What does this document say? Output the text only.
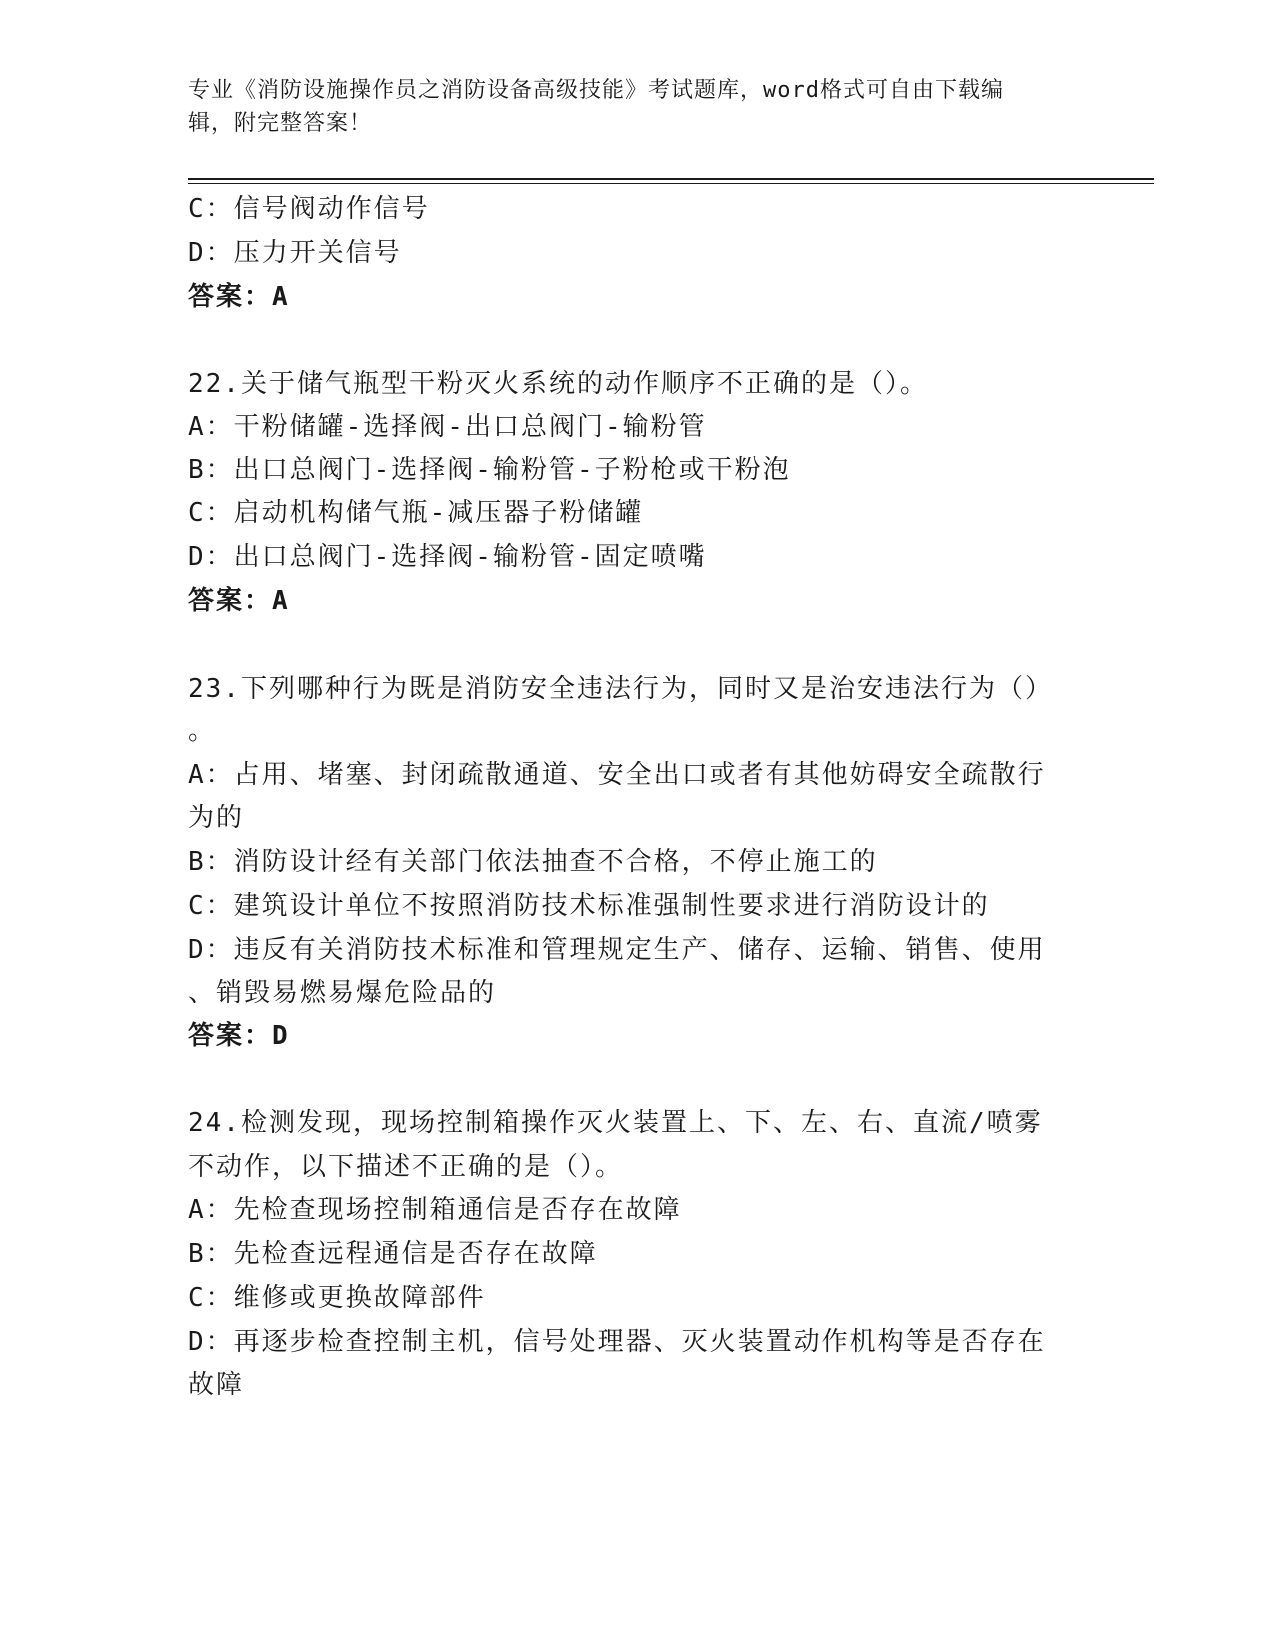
专业《消防设施操作员之消防设备高级技能》考试题库，word格式可自由下载编
辑，附完整答案！
C：信号阀动作信号
D：压力开关信号
答案：A
22.关于储气瓶型干粉灭火系统的动作顺序不正确的是（）。
A：干粉储罐-选择阀-出口总阀门-输粉管
B：出口总阀门-选择阀-输粉管-子粉枪或干粉泡
C：启动机构储气瓶-减压器子粉储罐
D：出口总阀门-选择阀-输粉管-固定喷嘴
答案：A
23.下列哪种行为既是消防安全违法行为，同时又是治安违法行为（）
。
A：占用、堵塞、封闭疏散通道、安全出口或者有其他妨碍安全疏散行
为的
B：消防设计经有关部门依法抽查不合格，不停止施工的
C：建筑设计单位不按照消防技术标准强制性要求进行消防设计的
D：违反有关消防技术标准和管理规定生产、储存、运输、销售、使用
、销毁易燃易爆危险品的
答案：D
24.检测发现，现场控制箱操作灭火装置上、下、左、右、直流/喷雾
不动作，以下描述不正确的是（）。
A：先检查现场控制箱通信是否存在故障
B：先检查远程通信是否存在故障
C：维修或更换故障部件
D：再逐步检查控制主机，信号处理器、灭火装置动作机构等是否存在
故障
